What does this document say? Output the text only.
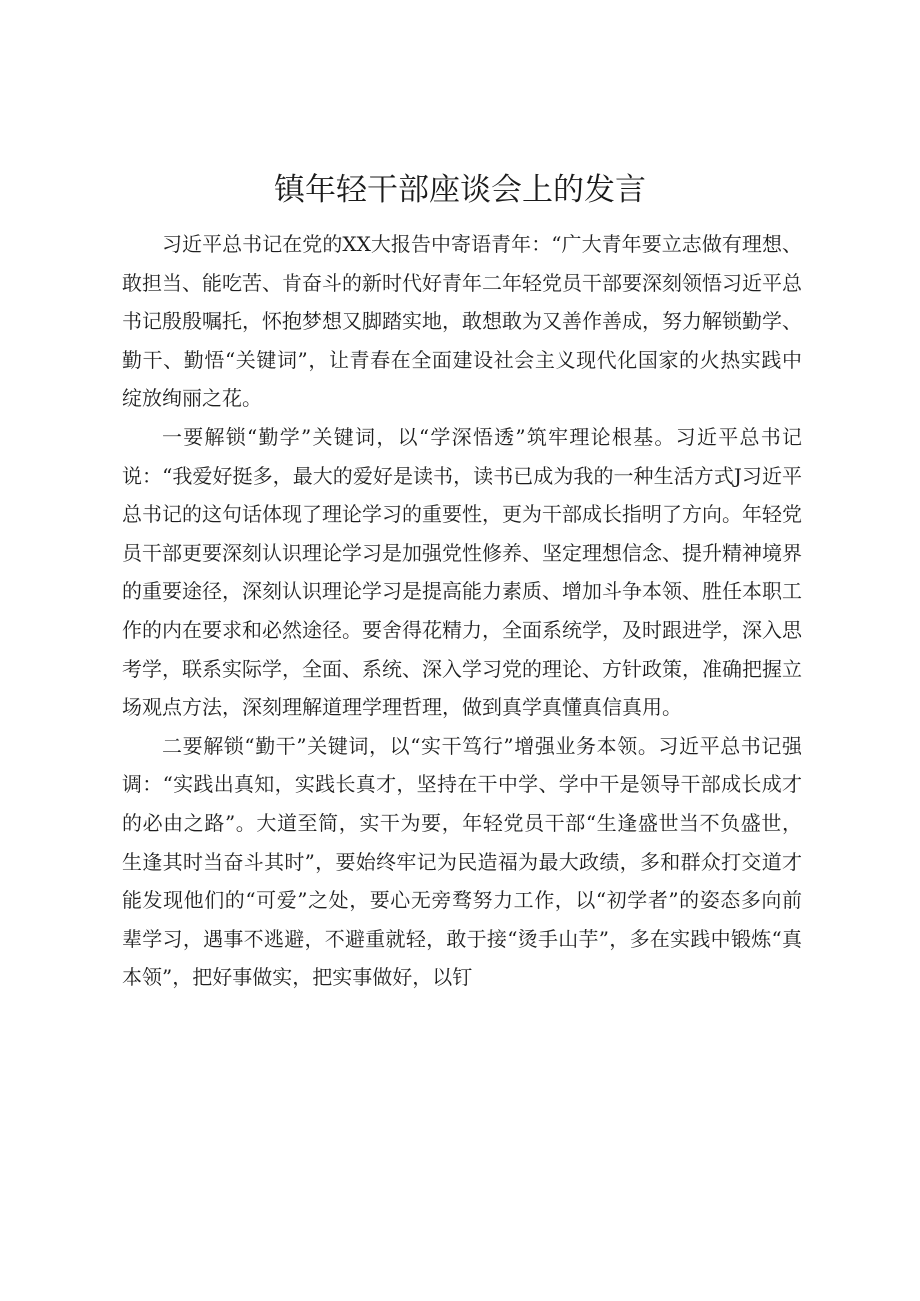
镇年轻干部座谈会上的发言

习近平总书记在党的XX大报告中寄语青年：“广大青年要立志做有理想、敢担当、能吃苦、肯奋斗的新时代好青年二年轻党员干部要深刻领悟习近平总书记殷殷嘱托，怀抱梦想又脚踏实地，敢想敢为又善作善成，努力解锁勤学、勤干、勤悟“关键词”，让青春在全面建设社会主义现代化国家的火热实践中绽放绚丽之花。

一要解锁“勤学”关键词，以“学深悟透”筑牢理论根基。习近平总书记说：“我爱好挺多，最大的爱好是读书，读书已成为我的一种生活方式J习近平总书记的这句话体现了理论学习的重要性，更为干部成长指明了方向。年轻党员干部更要深刻认识理论学习是加强党性修养、坚定理想信念、提升精神境界的重要途径，深刻认识理论学习是提高能力素质、增加斗争本领、胜任本职工作的内在要求和必然途径。要舍得花精力，全面系统学，及时跟进学，深入思考学，联系实际学，全面、系统、深入学习党的理论、方针政策，准确把握立场观点方法，深刻理解道理学理哲理，做到真学真懂真信真用。

二要解锁“勤干”关键词，以“实干笃行”增强业务本领。习近平总书记强调：“实践出真知，实践长真才，坚持在干中学、学中干是领导干部成长成才的必由之路”。大道至简，实干为要，年轻党员干部“生逢盛世当不负盛世，生逢其时当奋斗其时”，要始终牢记为民造福为最大政绩，多和群众打交道才能发现他们的“可爱”之处，要心无旁骛努力工作，以“初学者”的姿态多向前辈学习，遇事不逃避，不避重就轻，敢于接“烫手山芋”，多在实践中锻炼“真本领”，把好事做实，把实事做好，以钉
